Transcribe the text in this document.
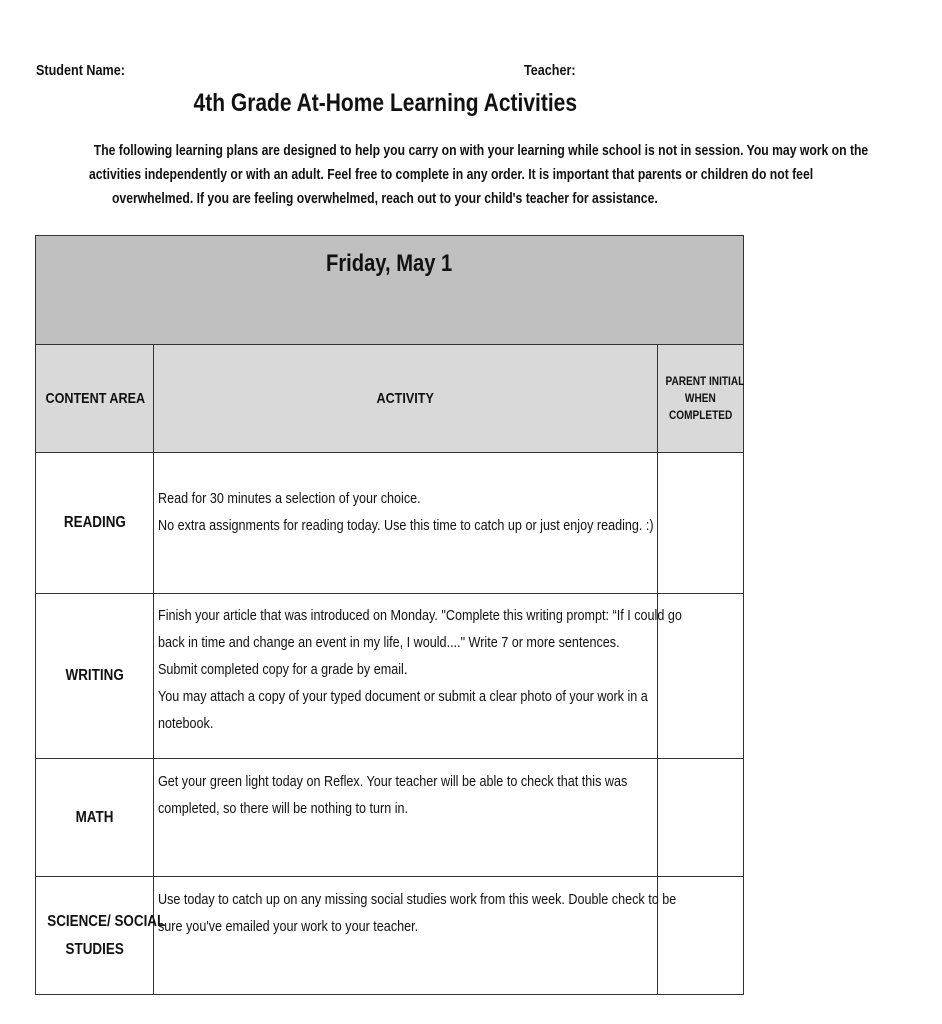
Student Name:	Teacher:
4th Grade At-Home Learning Activities
The following learning plans are designed to help you carry on with your learning while school is not in session. You may work on the
activities independently or with an adult. Feel free to complete in any order. It is important that parents or children do not feel
overwhelmed. If you are feeling overwhelmed, reach out to your child's teacher for assistance.
Friday, May 1		
CONTENT AREA	ACTIVITY	PARENT INITIAL
WHEN
COMPLETED
READING	Read for 30 minutes a selection of your choice.
No extra assignments for reading today. Use this time to catch up or just enjoy reading. :)	

WRITING	Finish your article that was introduced on Monday. "Complete this writing prompt: “If I could go
back in time and change an event in my life, I would...." Write 7 or more sentences.
Submit completed copy for a grade by email.
You may attach a copy of your typed document or submit a clear photo of your work in a
notebook.	

MATH	Get your green light today on Reflex. Your teacher will be able to check that this was
completed, so there will be nothing to turn in.	

SCIENCE/ SOCIAL
STUDIES	Use today to catch up on any missing social studies work from this week. Double check to be
sure you've emailed your work to your teacher.	
